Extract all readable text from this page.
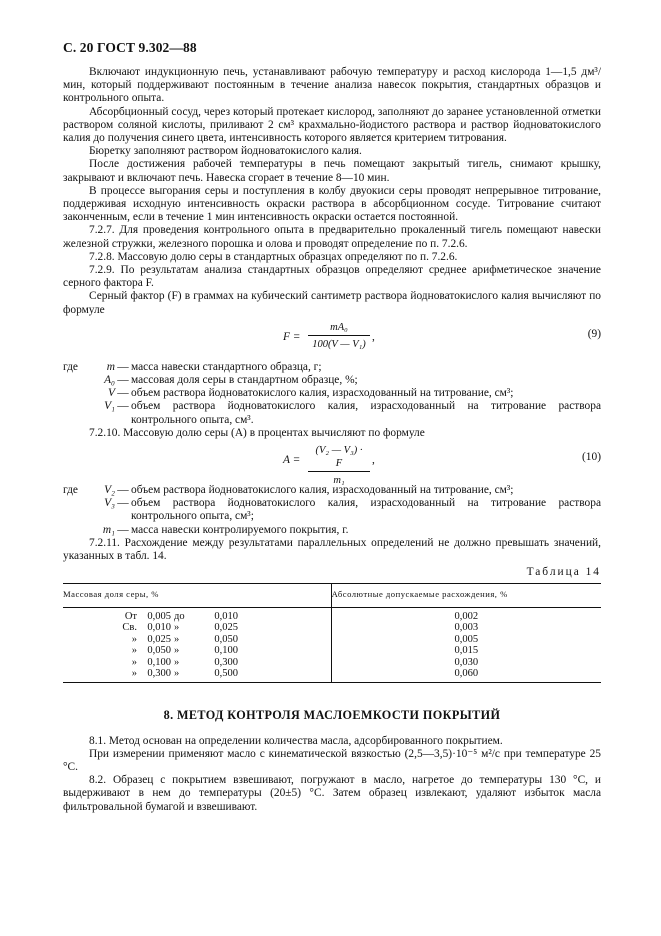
С. 20 ГОСТ 9.302—88

Включают индукционную печь, устанавливают рабочую температуру и расход кислорода 1—1,5 дм³/мин, который поддерживают постоянным в течение анализа навесок покрытия, стандартных образцов и контрольного опыта.

Абсорбционный сосуд, через который протекает кислород, заполняют до заранее установленной отметки раствором соляной кислоты, приливают 2 см³ крахмально-йодистого раствора и раствор йодноватокислого калия до получения синего цвета, интенсивность которого является критерием титрования.

Бюретку заполняют раствором йодноватокислого калия.

После достижения рабочей температуры в печь помещают закрытый тигель, снимают крышку, закрывают и включают печь. Навеска сгорает в течение 8—10 мин.

В процессе выгорания серы и поступления в колбу двуокиси серы проводят непрерывное титрование, поддерживая исходную интенсивность окраски раствора в абсорбционном сосуде. Титрование считают законченным, если в течение 1 мин интенсивность окраски остается постоянной.

7.2.7. Для проведения контрольного опыта в предварительно прокаленный тигель помещают навески железной стружки, железного порошка и олова и проводят определение по п. 7.2.6.

7.2.8. Массовую долю серы в стандартных образцах определяют по п. 7.2.6.

7.2.9. По результатам анализа стандартных образцов определяют среднее арифметическое значение серного фактора F.

Серный фактор (F) в граммах на кубический сантиметр раствора йодноватокислого калия вычисляют по формуле

$F = \frac{\text{mA₀}}{\text{100(V — V₁)}}$ ,	(9)
где	m — масса навески стандартного образца, г;
A₀ — массовая доля серы в стандартном образце, %;
V — объем раствора йодноватокислого калия, израсходованный на титрование, см³;
V₁ — объем раствора йодноватокислого калия, израсходованный на титрование раствора контрольного опыта, см³.

7.2.10. Массовую долю серы (A) в процентах вычисляют по формуле

$A = \frac{\text{(V₂ — V₃) · F}}{\text{m₁}}$ ,	(10)
где	V₂ — объем раствора йодноватокислого калия, израсходованный на титрование, см³;
V₃ — объем раствора йодноватокислого калия, израсходованный на титрование раствора контрольного опыта, см³;
m₁ — масса навески контролируемого покрытия, г.

7.2.11. Расхождение между результатами параллельных определений не должно превышать значений, указанных в табл. 14.

Таблица 14
Массовая доля серы, %	Абсолютные допускаемые расхождения, %
От 0,005 до 0,010	0,002
Св. 0,010 » 0,025	0,003
» 0,025 » 0,050	0,005
» 0,050 » 0,100	0,015
» 0,100 » 0,300	0,030
» 0,300 » 0,500	0,060
8. МЕТОД КОНТРОЛЯ МАСЛОЕМКОСТИ ПОКРЫТИЙ

8.1. Метод основан на определении количества масла, адсорбированного покрытием.

При измерении применяют масло с кинематической вязкостью (2,5—3,5)·10⁻⁵ м²/с при температуре 25 °С.

8.2. Образец с покрытием взвешивают, погружают в масло, нагретое до температуры 130 °С, и выдерживают в нем до температуры (20±5) °С. Затем образец извлекают, удаляют избыток масла фильтровальной бумагой и взвешивают.
